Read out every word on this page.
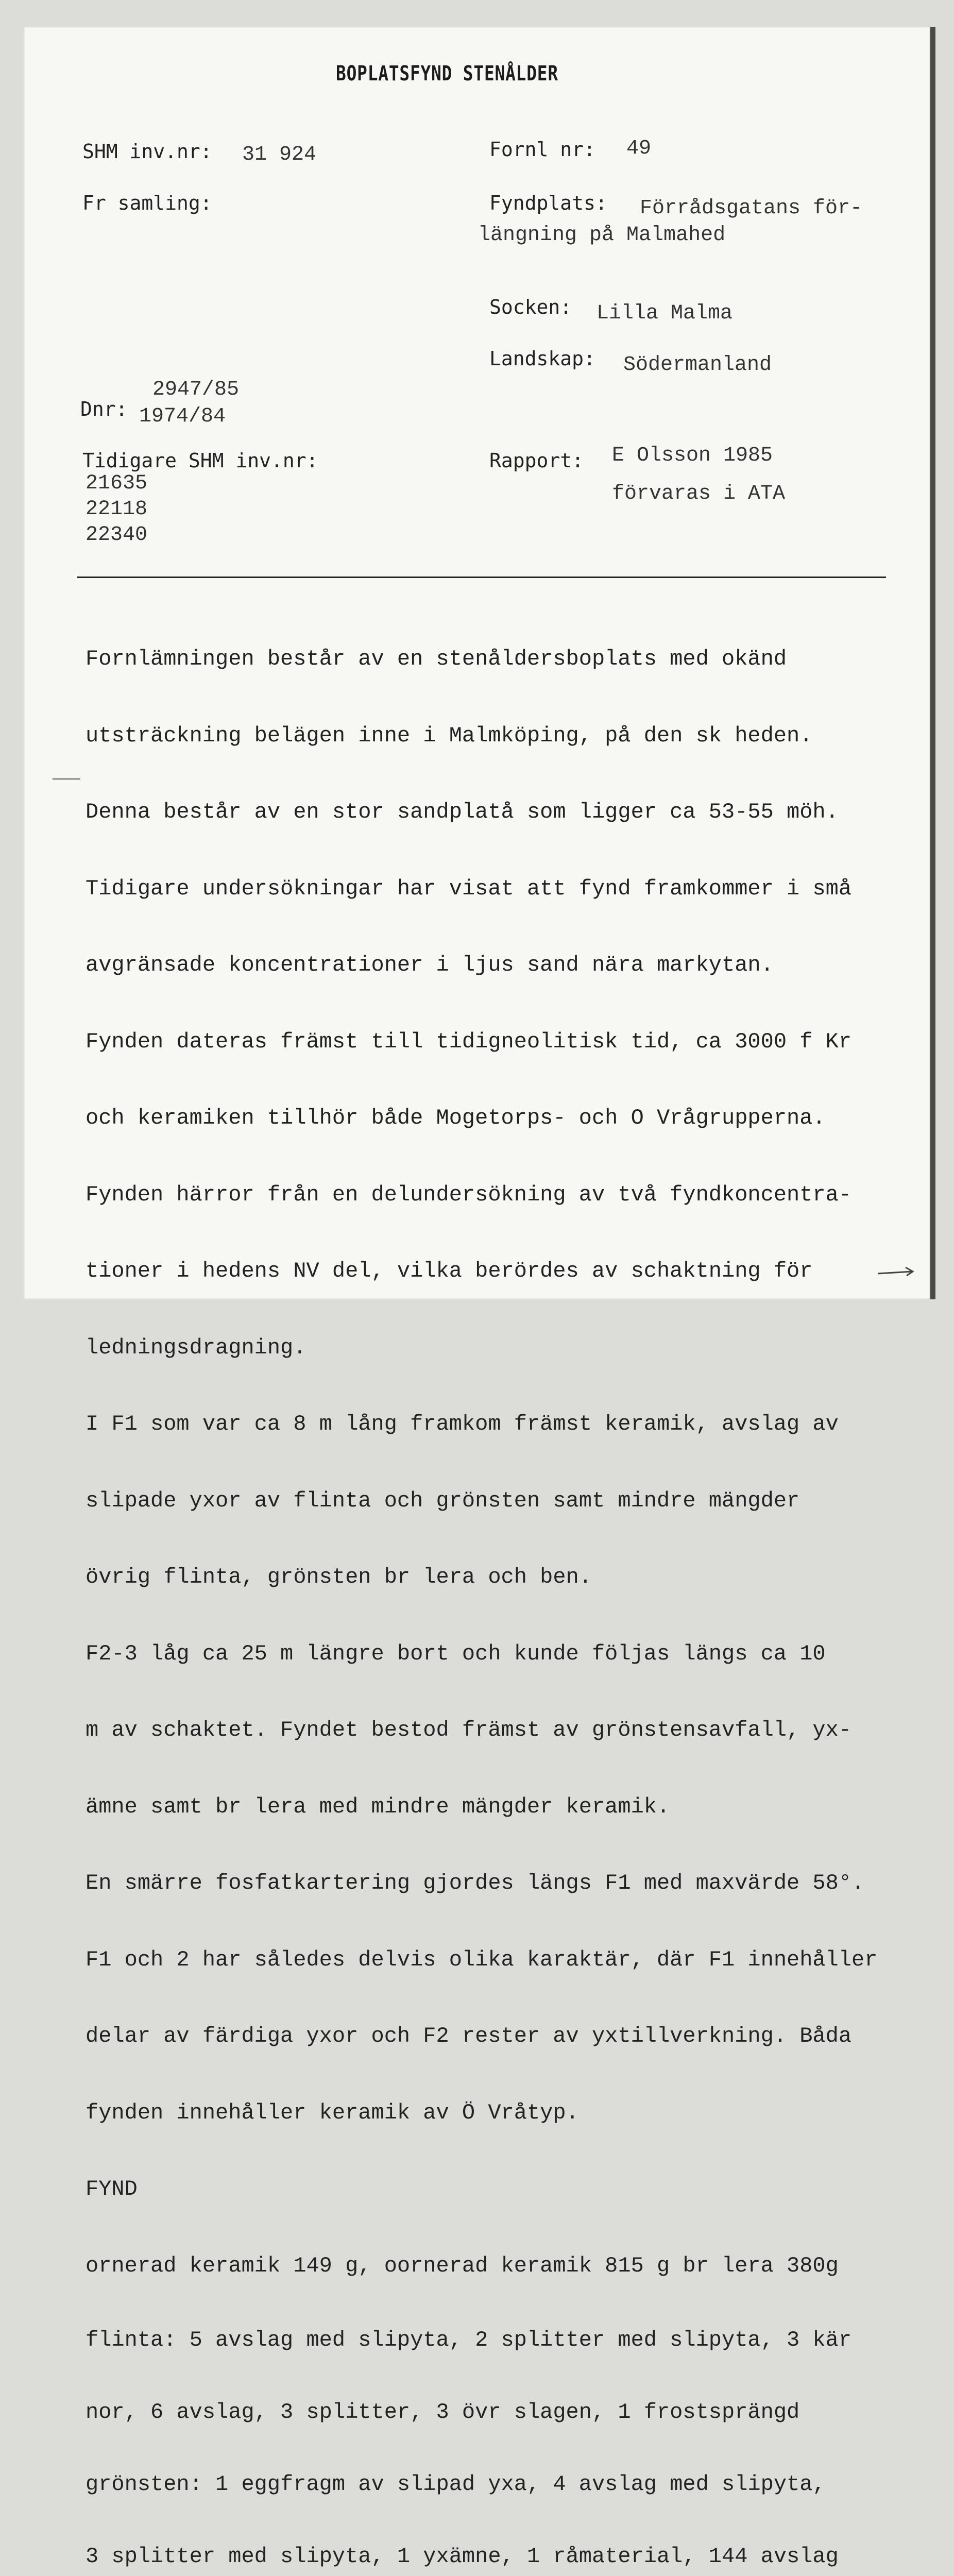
BOPLATSFYND STENÅLDER
SHM inv.nr: 31 924
Fr samling:
2947/85
Dnr: 1974/84
Tidigare SHM inv.nr:
21635
22118
22340
Fornl nr: 49
Fyndplats: Förrådsgatans för-
längning på Malmahed
Socken: Lilla Malma
Landskap: Södermanland
Rapport: E Olsson 1985
förvaras i ATA

Fornlämningen består av en stenåldersboplats med okänd

utsträckning belägen inne i Malmköping, på den sk heden.

Denna består av en stor sandplatå som ligger ca 53-55 möh.

Tidigare undersökningar har visat att fynd framkommer i små

avgränsade koncentrationer i ljus sand nära markytan.

Fynden dateras främst till tidigneolitisk tid, ca 3000 f Kr

och keramiken tillhör både Mogetorps- och O Vrågrupperna.

Fynden härror från en delundersökning av två fyndkoncentra-

tioner i hedens NV del, vilka berördes av schaktning för

ledningsdragning.

I F1 som var ca 8 m lång framkom främst keramik, avslag av

slipade yxor av flinta och grönsten samt mindre mängder

övrig flinta, grönsten br lera och ben.

F2-3 låg ca 25 m längre bort och kunde följas längs ca 10

m av schaktet. Fyndet bestod främst av grönstensavfall, yx-

ämne samt br lera med mindre mängder keramik.

En smärre fosfatkartering gjordes längs F1 med maxvärde 58°.

F1 och 2 har således delvis olika karaktär, där F1 innehåller

delar av färdiga yxor och F2 rester av yxtillverkning. Båda

fynden innehåller keramik av Ö Vråtyp.

FYND

ornerad keramik 149 g, oornerad keramik 815 g br lera 380g

flinta: 5 avslag med slipyta, 2 splitter med slipyta, 3 kär

nor, 6 avslag, 3 splitter, 3 övr slagen, 1 frostsprängd

grönsten: 1 eggfragm av slipad yxa, 4 avslag med slipyta,

3 splitter med slipyta, 1 yxämne, 1 råmaterial, 144 avslag
